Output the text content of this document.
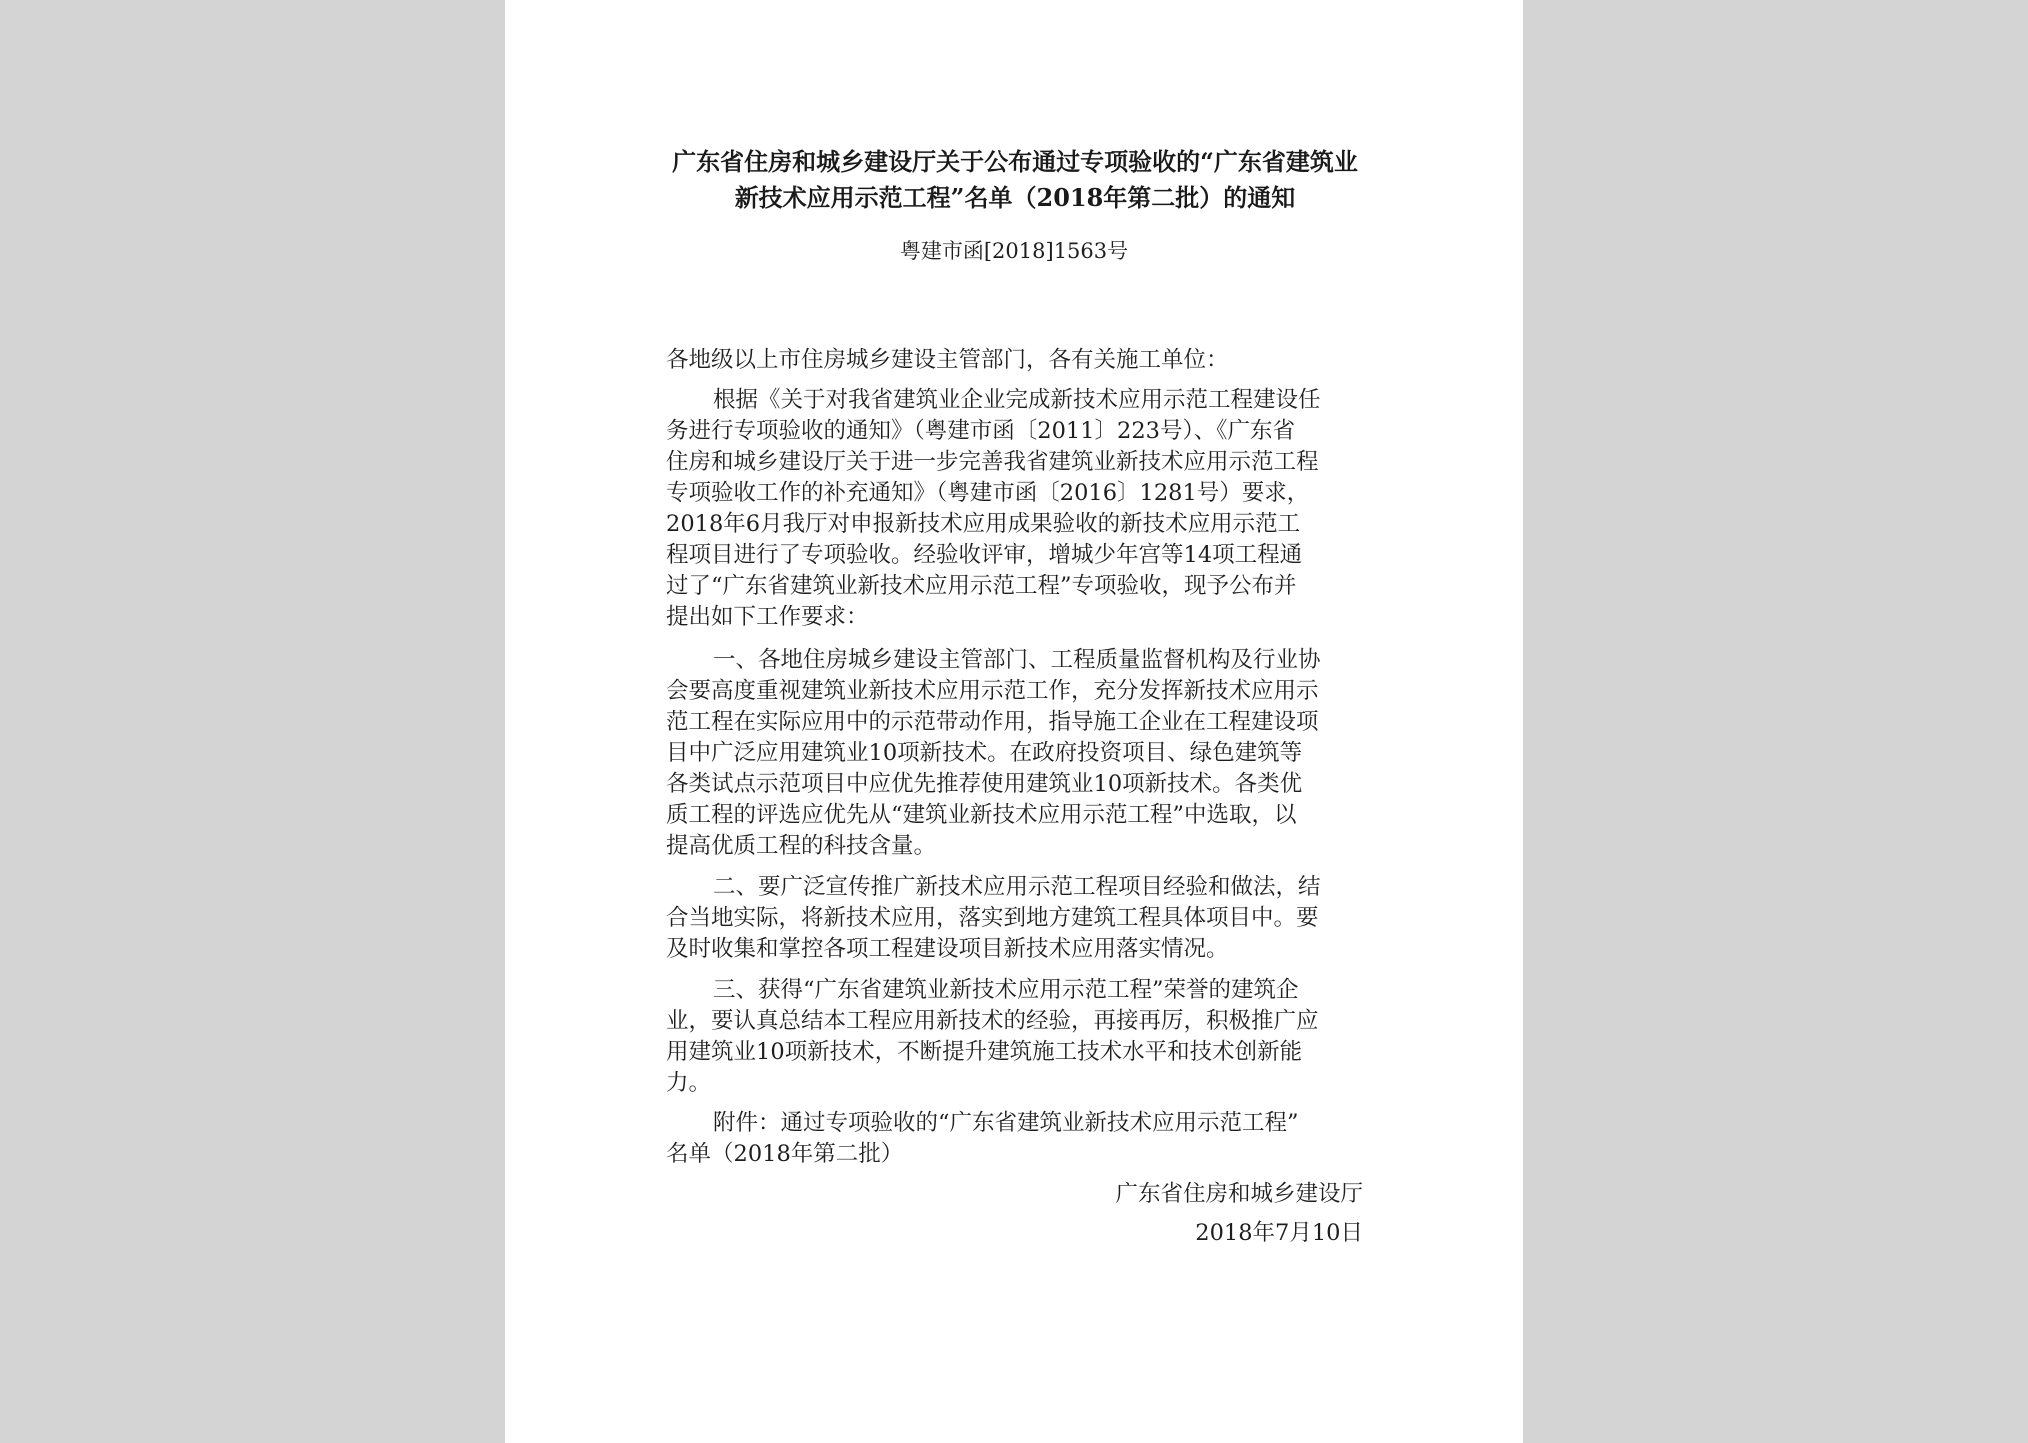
广东省住房和城乡建设厅关于公布通过专项验收的“广东省建筑业
新技术应用示范工程”名单（2018年第二批）的通知
粤建市函[2018]1563号
各地级以上市住房城乡建设主管部门，各有关施工单位：
根据《关于对我省建筑业企业完成新技术应用示范工程建设任
务进行专项验收的通知》（粤建市函〔2011〕223号）、《广东省
住房和城乡建设厅关于进一步完善我省建筑业新技术应用示范工程
专项验收工作的补充通知》（粤建市函〔2016〕1281号）要求，
2018年6月我厅对申报新技术应用成果验收的新技术应用示范工
程项目进行了专项验收。经验收评审，增城少年宫等14项工程通
过了“广东省建筑业新技术应用示范工程”专项验收，现予公布并
提出如下工作要求：
一、各地住房城乡建设主管部门、工程质量监督机构及行业协
会要高度重视建筑业新技术应用示范工作，充分发挥新技术应用示
范工程在实际应用中的示范带动作用，指导施工企业在工程建设项
目中广泛应用建筑业10项新技术。在政府投资项目、绿色建筑等
各类试点示范项目中应优先推荐使用建筑业10项新技术。各类优
质工程的评选应优先从“建筑业新技术应用示范工程”中选取，以
提高优质工程的科技含量。
二、要广泛宣传推广新技术应用示范工程项目经验和做法，结
合当地实际，将新技术应用，落实到地方建筑工程具体项目中。要
及时收集和掌控各项工程建设项目新技术应用落实情况。
三、获得“广东省建筑业新技术应用示范工程”荣誉的建筑企
业，要认真总结本工程应用新技术的经验，再接再厉，积极推广应
用建筑业10项新技术，不断提升建筑施工技术水平和技术创新能
力。
附件：通过专项验收的“广东省建筑业新技术应用示范工程”
名单（2018年第二批）
广东省住房和城乡建设厅
2018年7月10日
